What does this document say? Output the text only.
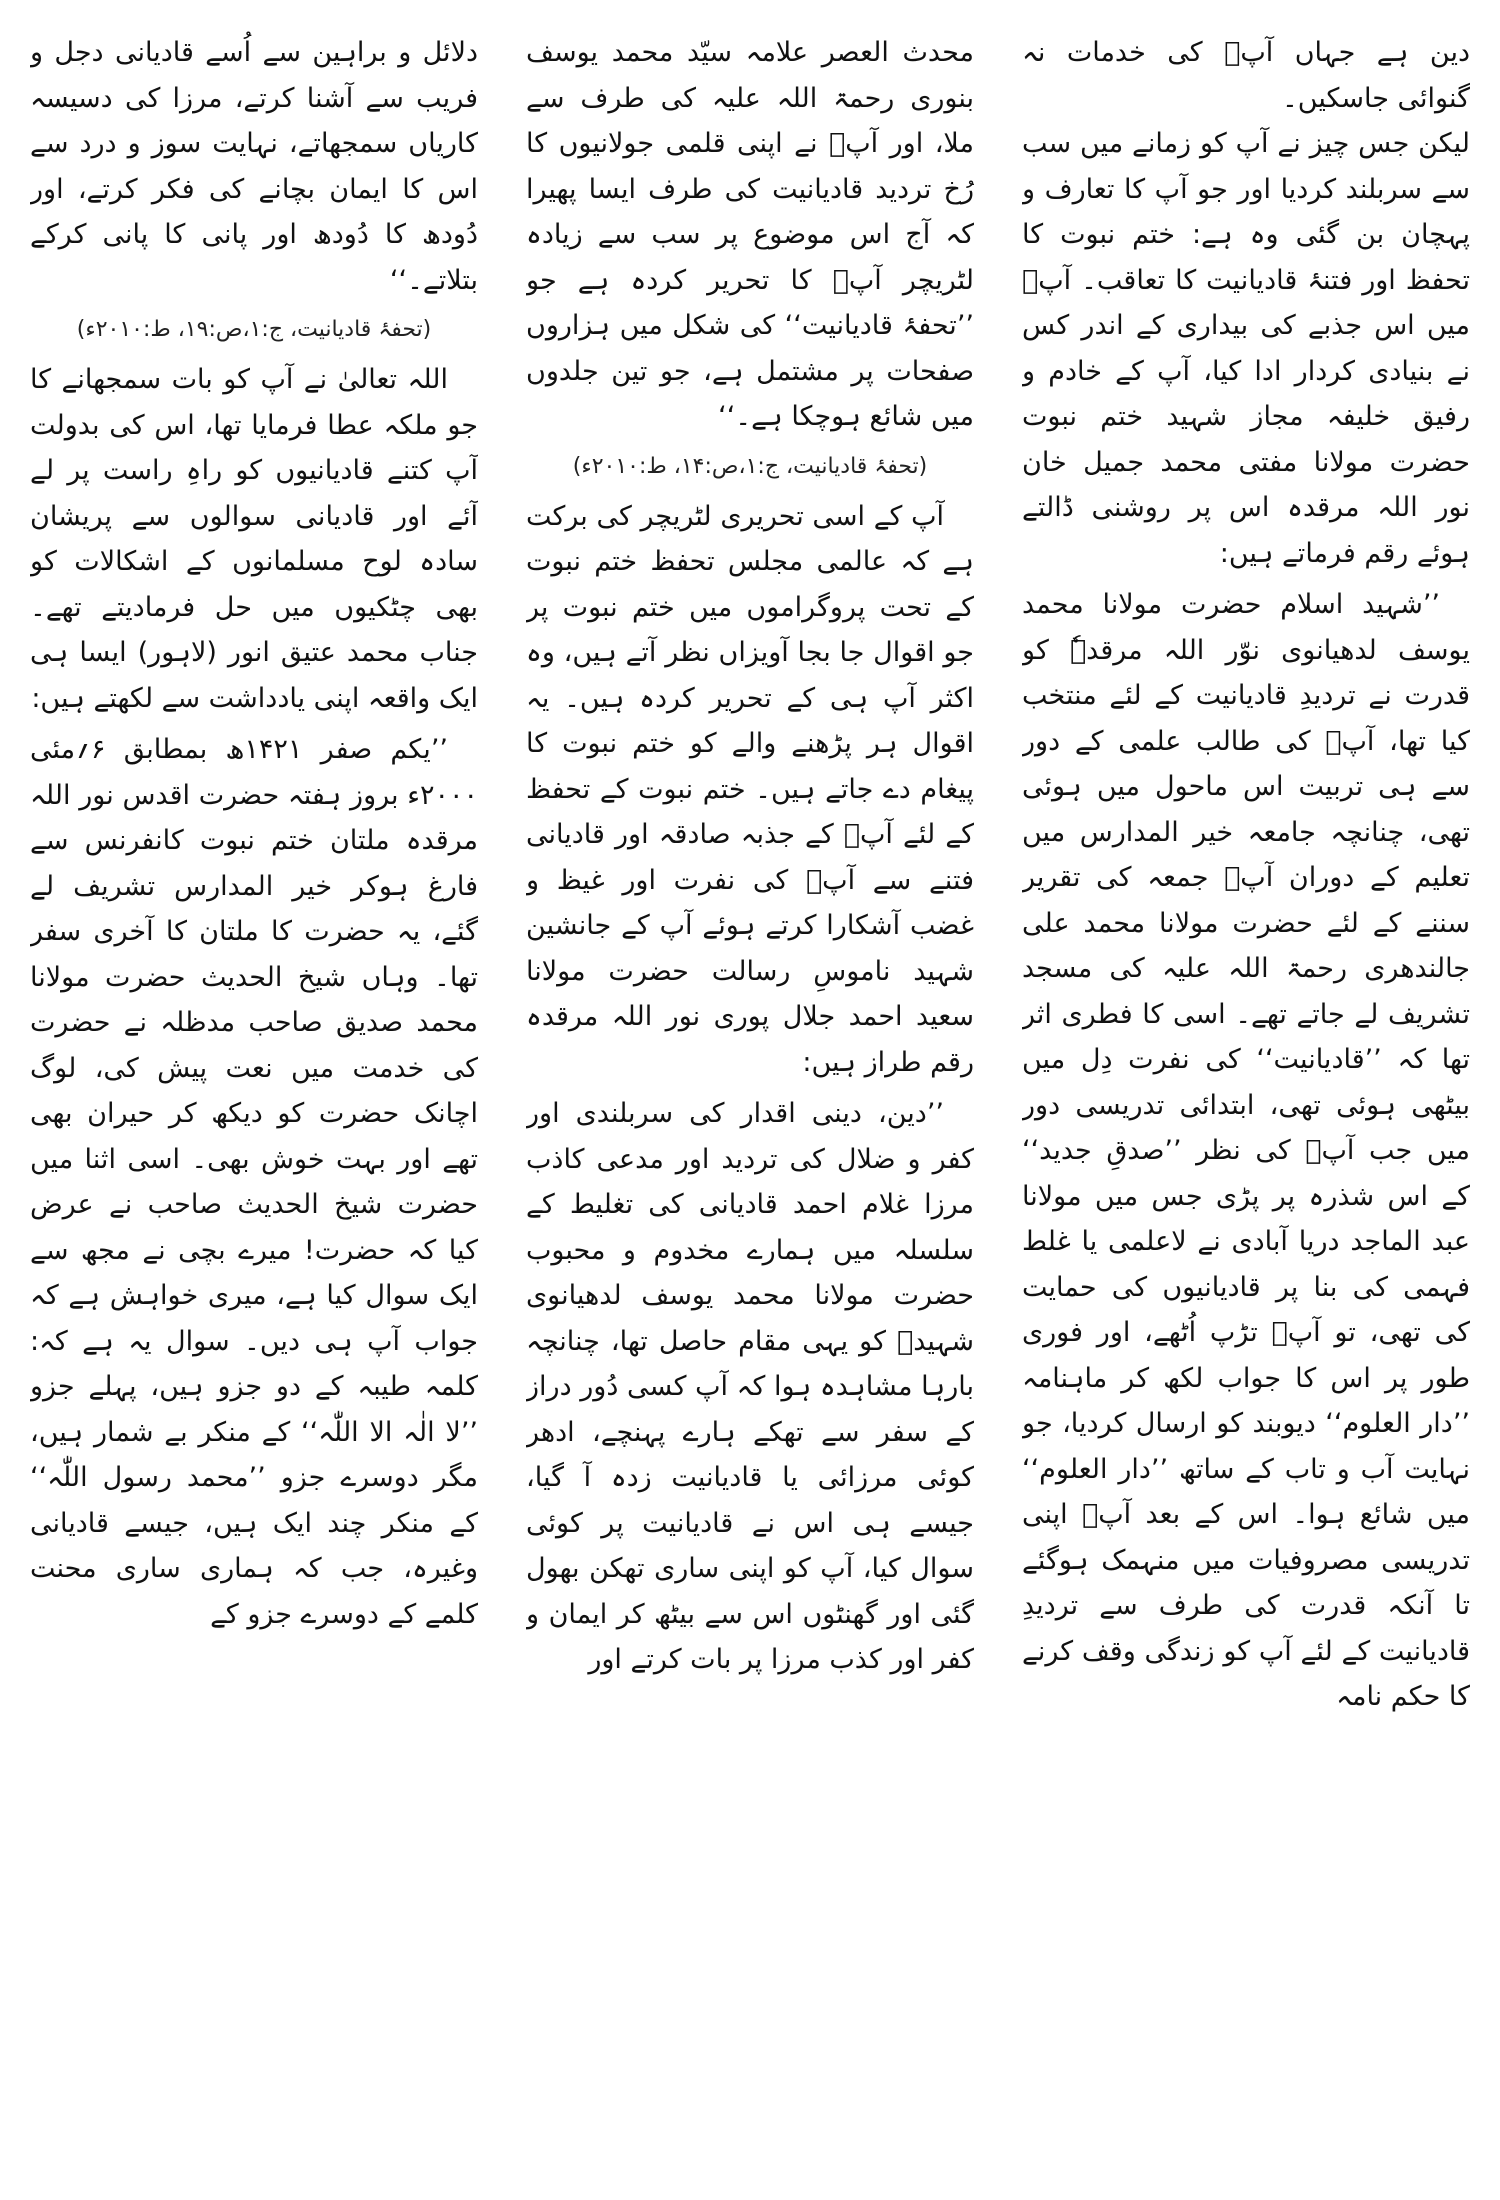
دین ہے جہاں آپؒ کی خدمات نہ گنوائی جاسکیں۔

لیکن جس چیز نے آپ کو زمانے میں سب سے سربلند کردیا اور جو آپ کا تعارف و پہچان بن گئی وہ ہے: ختم نبوت کا تحفظ اور فتنۂ قادیانیت کا تعاقب۔ آپؒ میں اس جذبے کی بیداری کے اندر کس نے بنیادی کردار ادا کیا، آپ کے خادم و رفیق خلیفہ مجاز شہید ختم نبوت حضرت مولانا مفتی محمد جمیل خان نور اللہ مرقدہ اس پر روشنی ڈالتے ہوئے رقم فرماتے ہیں:

’’شہید اسلام حضرت مولانا محمد یوسف لدھیانوی نوّر اللہ مرقدہٗ کو قدرت نے تردیدِ قادیانیت کے لئے منتخب کیا تھا، آپؒ کی طالب علمی کے دور سے ہی تربیت اس ماحول میں ہوئی تھی، چنانچہ جامعہ خیر المدارس میں تعلیم کے دوران آپؒ جمعہ کی تقریر سننے کے لئے حضرت مولانا محمد علی جالندھری رحمۃ اللہ علیہ کی مسجد تشریف لے جاتے تھے۔ اسی کا فطری اثر تھا کہ ’’قادیانیت‘‘ کی نفرت دِل میں بیٹھی ہوئی تھی، ابتدائی تدریسی دور میں جب آپؒ کی نظر ’’صدقِ جدید‘‘ کے اس شذرہ پر پڑی جس میں مولانا عبد الماجد دریا آبادی نے لاعلمی یا غلط فہمی کی بنا پر قادیانیوں کی حمایت کی تھی، تو آپؒ تڑپ اُٹھے، اور فوری طور پر اس کا جواب لکھ کر ماہنامہ ’’دار العلوم‘‘ دیوبند کو ارسال کردیا، جو نہایت آب و تاب کے ساتھ ’’دار العلوم‘‘ میں شائع ہوا۔ اس کے بعد آپؒ اپنی تدریسی مصروفیات میں منہمک ہوگئے تا آنکہ قدرت کی طرف سے تردیدِ قادیانیت کے لئے آپ کو زندگی وقف کرنے کا حکم نامہ

محدث العصر علامہ سیّد محمد یوسف بنوری رحمۃ اللہ علیہ کی طرف سے ملا، اور آپؒ نے اپنی قلمی جولانیوں کا رُخ تردید قادیانیت کی طرف ایسا پھیرا کہ آج اس موضوع پر سب سے زیادہ لٹریچر آپؒ کا تحریر کردہ ہے جو ’’تحفۂ قادیانیت‘‘ کی شکل میں ہزاروں صفحات پر مشتمل ہے، جو تین جلدوں میں شائع ہوچکا ہے۔‘‘

(تحفۂ قادیانیت، ج:۱،ص:۱۴، ط:۲۰۱۰ء)

آپ کے اسی تحریری لٹریچر کی برکت ہے کہ عالمی مجلس تحفظ ختم نبوت کے تحت پروگراموں میں ختم نبوت پر جو اقوال جا بجا آویزاں نظر آتے ہیں، وہ اکثر آپ ہی کے تحریر کردہ ہیں۔ یہ اقوال ہر پڑھنے والے کو ختم نبوت کا پیغام دے جاتے ہیں۔ ختم نبوت کے تحفظ کے لئے آپؒ کے جذبہ صادقہ اور قادیانی فتنے سے آپؒ کی نفرت اور غیظ و غضب آشکارا کرتے ہوئے آپ کے جانشین شہید ناموسِ رسالت حضرت مولانا سعید احمد جلال پوری نور اللہ مرقدہ رقم طراز ہیں:

’’دین، دینی اقدار کی سربلندی اور کفر و ضلال کی تردید اور مدعی کاذب مرزا غلام احمد قادیانی کی تغلیط کے سلسلہ میں ہمارے مخدوم و محبوب حضرت مولانا محمد یوسف لدھیانوی شہیدؒ کو یہی مقام حاصل تھا، چنانچہ بارہا مشاہدہ ہوا کہ آپ کسی دُور دراز کے سفر سے تھکے ہارے پہنچے، ادھر کوئی مرزائی یا قادیانیت زدہ آ گیا، جیسے ہی اس نے قادیانیت پر کوئی سوال کیا، آپ کو اپنی ساری تھکن بھول گئی اور گھنٹوں اس سے بیٹھ کر ایمان و کفر اور کذب مرزا پر بات کرتے اور

دلائل و براہین سے اُسے قادیانی دجل و فریب سے آشنا کرتے، مرزا کی دسیسہ کاریاں سمجھاتے، نہایت سوز و درد سے اس کا ایمان بچانے کی فکر کرتے، اور دُودھ کا دُودھ اور پانی کا پانی کرکے بتلاتے۔‘‘

(تحفۂ قادیانیت، ج:۱،ص:۱۹، ط:۲۰۱۰ء)

اللہ تعالیٰ نے آپ کو بات سمجھانے کا جو ملکہ عطا فرمایا تھا، اس کی بدولت آپ کتنے قادیانیوں کو راہِ راست پر لے آئے اور قادیانی سوالوں سے پریشان سادہ لوح مسلمانوں کے اشکالات کو بھی چٹکیوں میں حل فرمادیتے تھے۔ جناب محمد عتیق انور (لاہور) ایسا ہی ایک واقعہ اپنی یادداشت سے لکھتے ہیں:

’’یکم صفر ۱۴۲۱ھ بمطابق ۶؍مئی ۲۰۰۰ء بروز ہفتہ حضرت اقدس نور اللہ مرقدہ ملتان ختم نبوت کانفرنس سے فارغ ہوکر خیر المدارس تشریف لے گئے، یہ حضرت کا ملتان کا آخری سفر تھا۔ وہاں شیخ الحدیث حضرت مولانا محمد صدیق صاحب مدظلہ نے حضرت کی خدمت میں نعت پیش کی، لوگ اچانک حضرت کو دیکھ کر حیران بھی تھے اور بہت خوش بھی۔ اسی اثنا میں حضرت شیخ الحدیث صاحب نے عرض کیا کہ حضرت! میرے بچی نے مجھ سے ایک سوال کیا ہے، میری خواہش ہے کہ جواب آپ ہی دیں۔ سوال یہ ہے کہ: کلمہ طیبہ کے دو جزو ہیں، پہلے جزو ’’لا الٰہ الا اللّٰہ‘‘ کے منکر بے شمار ہیں، مگر دوسرے جزو ’’محمد رسول اللّٰہ‘‘ کے منکر چند ایک ہیں، جیسے قادیانی وغیرہ، جب کہ ہماری ساری محنت کلمے کے دوسرے جزو کے
